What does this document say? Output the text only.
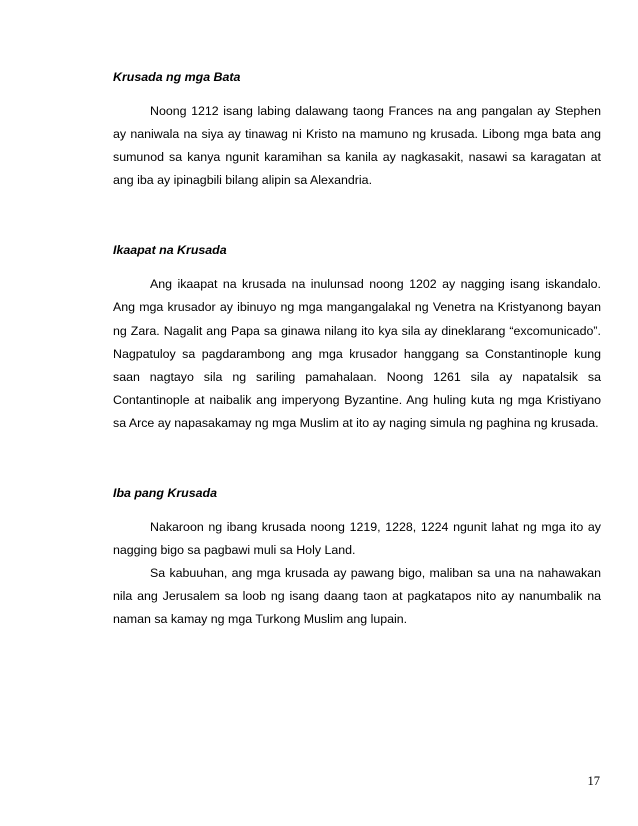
Krusada ng mga Bata

Noong 1212 isang labing dalawang taong Frances na ang pangalan ay Stephen ay naniwala na siya ay tinawag ni Kristo na mamuno ng krusada. Libong mga bata ang sumunod sa kanya ngunit karamihan sa kanila ay nagkasakit, nasawi sa karagatan at ang iba ay ipinagbili bilang alipin sa Alexandria.

Ikaapat na Krusada

Ang ikaapat na krusada na inulunsad noong 1202 ay nagging isang iskandalo. Ang mga krusador ay ibinuyo ng mga mangangalakal ng Venetra na Kristyanong bayan ng Zara. Nagalit ang Papa sa ginawa nilang ito kya sila ay dineklarang “excomunicado”. Nagpatuloy sa pagdarambong ang mga krusador hanggang sa Constantinople kung saan nagtayo sila ng sariling pamahalaan. Noong 1261 sila ay napatalsik sa Contantinople at naibalik ang imperyong Byzantine. Ang huling kuta ng mga Kristiyano sa Arce ay napasakamay ng mga Muslim at ito ay naging simula ng paghina ng krusada.

Iba pang Krusada

Nakaroon ng ibang krusada noong 1219, 1228, 1224 ngunit lahat ng mga ito ay nagging bigo sa pagbawi muli sa Holy Land.

Sa kabuuhan, ang mga krusada ay pawang bigo, maliban sa una na nahawakan nila ang Jerusalem sa loob ng isang daang taon at pagkatapos nito ay nanumbalik na naman sa kamay ng mga Turkong Muslim ang lupain.

17
